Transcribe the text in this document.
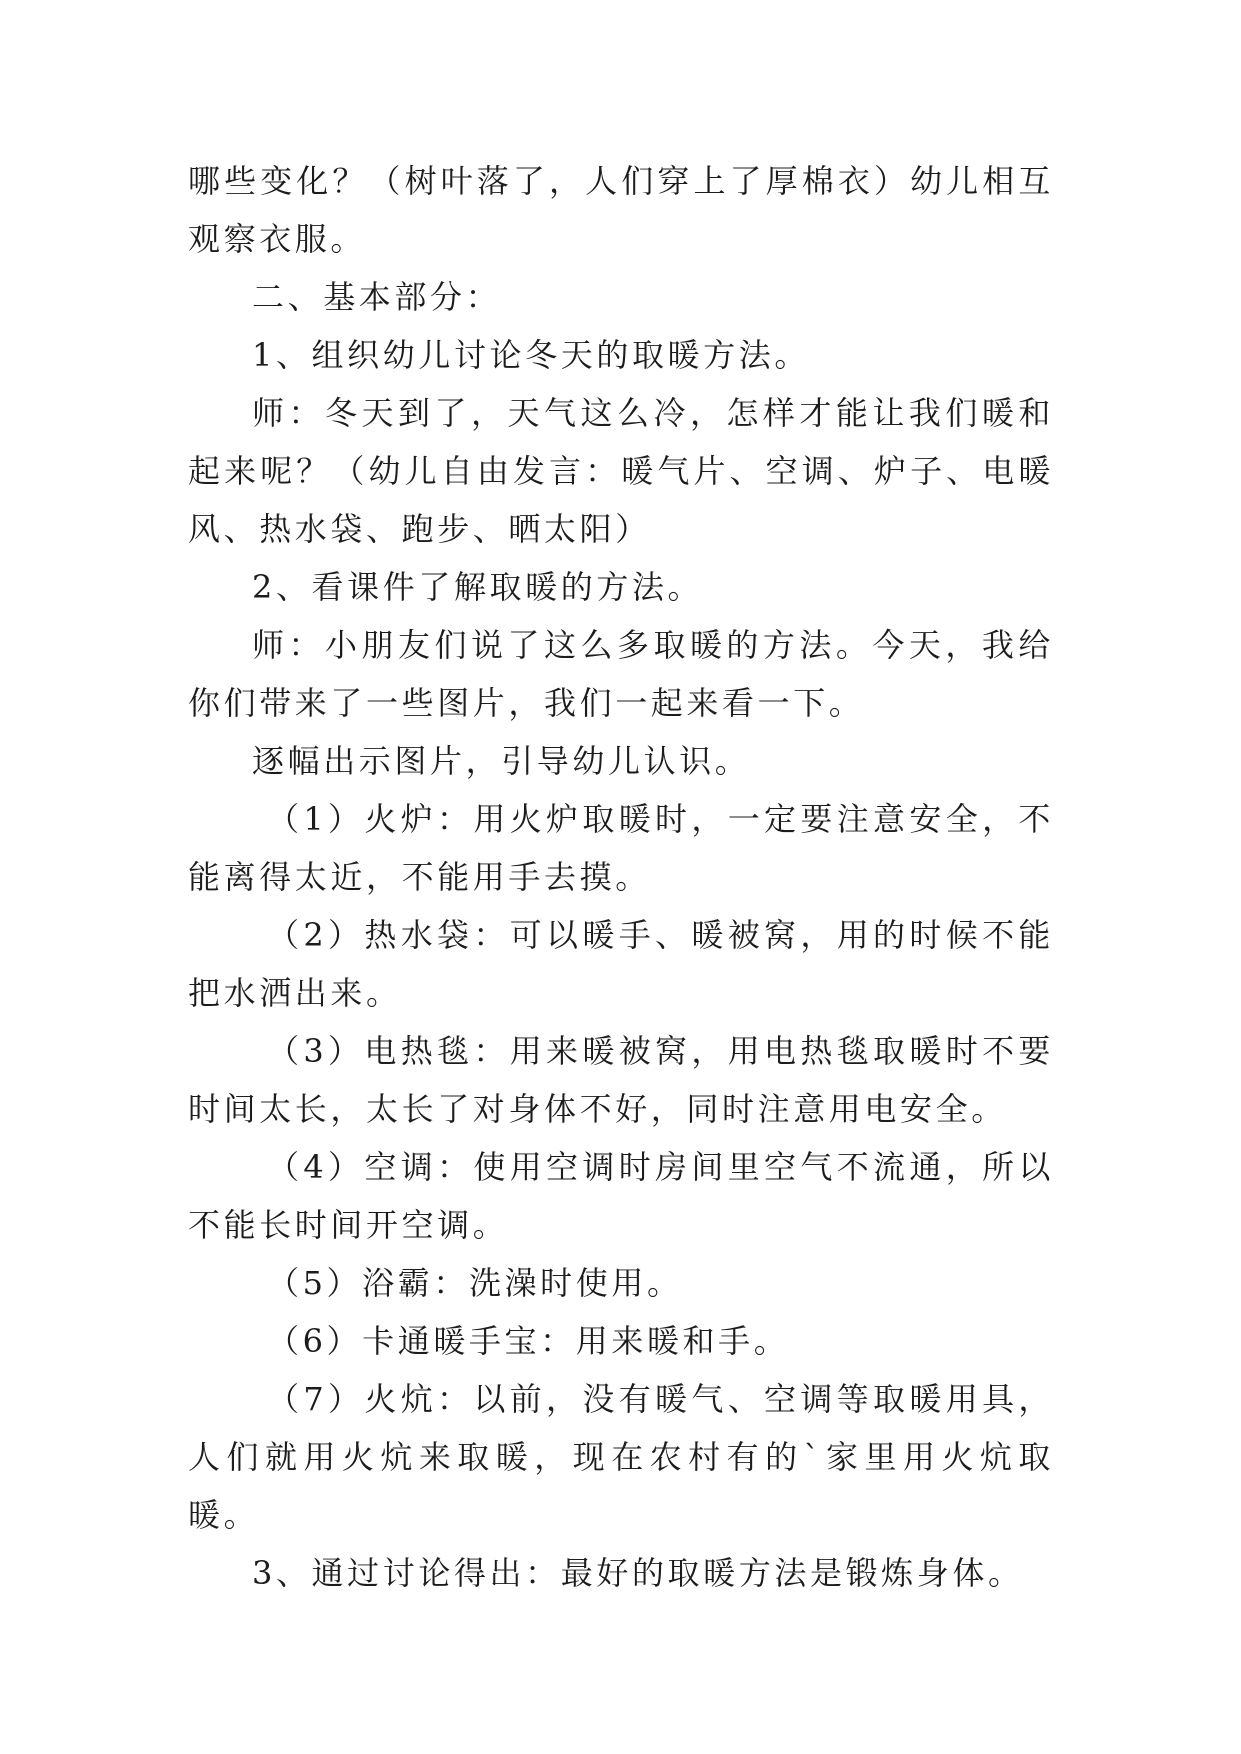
哪些变化？（树叶落了，人们穿上了厚棉衣）幼儿相互观察衣服。

二、基本部分：

1、组织幼儿讨论冬天的取暖方法。

师：冬天到了，天气这么冷，怎样才能让我们暖和起来呢？（幼儿自由发言：暖气片、空调、炉子、电暖风、热水袋、跑步、晒太阳）

2、看课件了解取暖的方法。

师：小朋友们说了这么多取暖的方法。今天，我给你们带来了一些图片，我们一起来看一下。

逐幅出示图片，引导幼儿认识。

（1）火炉：用火炉取暖时，一定要注意安全，不能离得太近，不能用手去摸。

（2）热水袋：可以暖手、暖被窝，用的时候不能把水洒出来。

（3）电热毯：用来暖被窝，用电热毯取暖时不要时间太长，太长了对身体不好，同时注意用电安全。

（4）空调：使用空调时房间里空气不流通，所以不能长时间开空调。

（5）浴霸：洗澡时使用。

（6）卡通暖手宝：用来暖和手。

（7）火炕：以前，没有暖气、空调等取暖用具，人们就用火炕来取暖，现在农村有的`家里用火炕取暖。

3、通过讨论得出：最好的取暖方法是锻炼身体。
